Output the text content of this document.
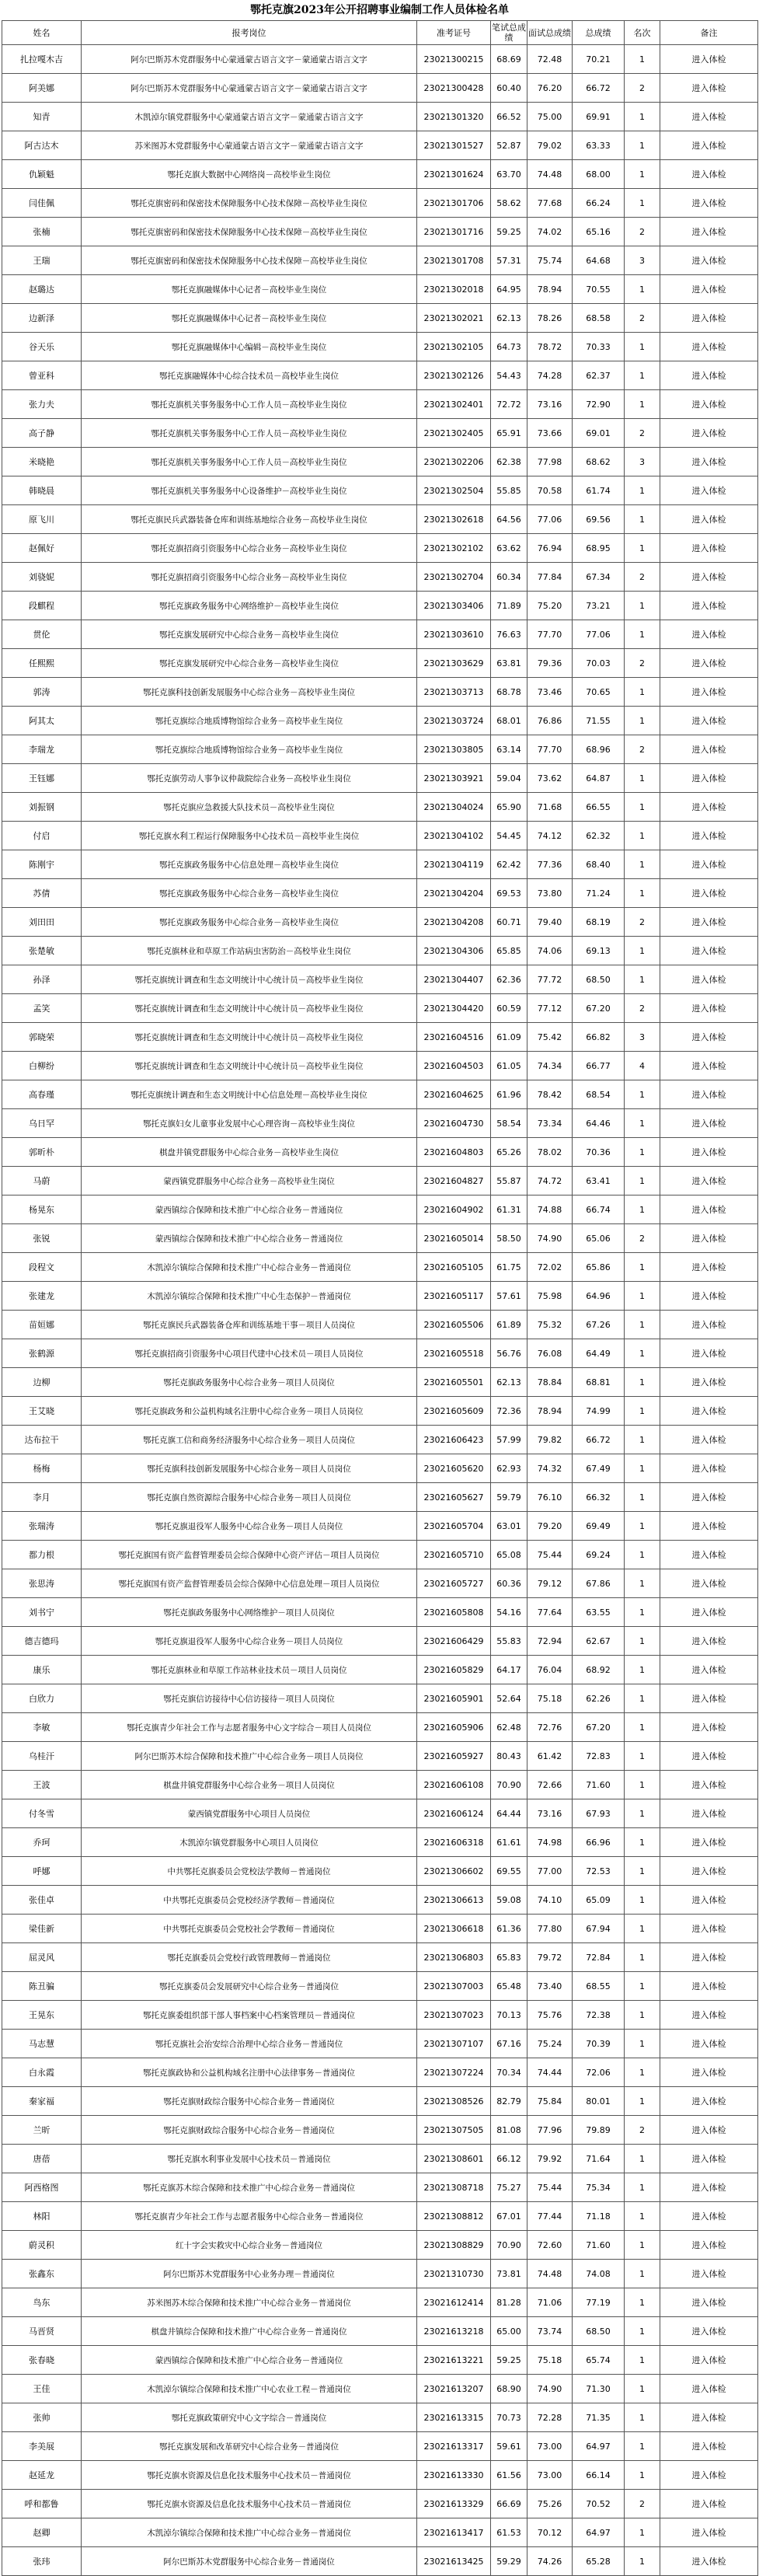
鄂托克旗2023年公开招聘事业编制工作人员体检名单
姓名	报考岗位	准考证号	笔试总成绩	面试总成绩	总成绩	名次	备注
扎拉嘎木吉	阿尔巴斯苏木党群服务中心蒙通蒙古语言文字－蒙通蒙古语言文字	23021300215	68.69	72.48	70.21	1	进入体检
阿美娜	阿尔巴斯苏木党群服务中心蒙通蒙古语言文字－蒙通蒙古语言文字	23021300428	60.40	76.20	66.72	2	进入体检
知青	木凯淖尔镇党群服务中心蒙通蒙古语言文字－蒙通蒙古语言文字	23021301320	66.52	75.00	69.91	1	进入体检
阿古达木	苏米图苏木党群服务中心蒙通蒙古语言文字－蒙通蒙古语言文字	23021301527	52.87	79.02	63.33	1	进入体检
仇颖魁	鄂托克旗大数据中心网络岗－高校毕业生岗位	23021301624	63.70	74.48	68.00	1	进入体检
闫佳佩	鄂托克旗密码和保密技术保障服务中心技术保障－高校毕业生岗位	23021301706	58.62	77.68	66.24	1	进入体检
张楠	鄂托克旗密码和保密技术保障服务中心技术保障－高校毕业生岗位	23021301716	59.25	74.02	65.16	2	进入体检
王瑞	鄂托克旗密码和保密技术保障服务中心技术保障－高校毕业生岗位	23021301708	57.31	75.74	64.68	3	进入体检
赵璐达	鄂托克旗融媒体中心记者－高校毕业生岗位	23021302018	64.95	78.94	70.55	1	进入体检
边新泽	鄂托克旗融媒体中心记者－高校毕业生岗位	23021302021	62.13	78.26	68.58	2	进入体检
谷天乐	鄂托克旗融媒体中心编辑－高校毕业生岗位	23021302105	64.73	78.72	70.33	1	进入体检
曾亚科	鄂托克旗融媒体中心综合技术员－高校毕业生岗位	23021302126	54.43	74.28	62.37	1	进入体检
张力夫	鄂托克旗机关事务服务中心工作人员－高校毕业生岗位	23021302401	72.72	73.16	72.90	1	进入体检
高子静	鄂托克旗机关事务服务中心工作人员－高校毕业生岗位	23021302405	65.91	73.66	69.01	2	进入体检
米晓艳	鄂托克旗机关事务服务中心工作人员－高校毕业生岗位	23021302206	62.38	77.98	68.62	3	进入体检
韩晓晨	鄂托克旗机关事务服务中心设备维护－高校毕业生岗位	23021302504	55.85	70.58	61.74	1	进入体检
原飞川	鄂托克旗民兵武器装备仓库和训练基地综合业务－高校毕业生岗位	23021302618	64.56	77.06	69.56	1	进入体检
赵佩好	鄂托克旗招商引资服务中心综合业务－高校毕业生岗位	23021302102	63.62	76.94	68.95	1	进入体检
刘骁妮	鄂托克旗招商引资服务中心综合业务－高校毕业生岗位	23021302704	60.34	77.84	67.34	2	进入体检
段麒程	鄂托克旗政务服务中心网络维护－高校毕业生岗位	23021303406	71.89	75.20	73.21	1	进入体检
贯伦	鄂托克旗发展研究中心综合业务－高校毕业生岗位	23021303610	76.63	77.70	77.06	1	进入体检
任熙熙	鄂托克旗发展研究中心综合业务－高校毕业生岗位	23021303629	63.81	79.36	70.03	2	进入体检
郭涛	鄂托克旗科技创新发展服务中心综合业务－高校毕业生岗位	23021303713	68.78	73.46	70.65	1	进入体检
阿其太	鄂托克旗综合地质博物馆综合业务－高校毕业生岗位	23021303724	68.01	76.86	71.55	1	进入体检
李瑞龙	鄂托克旗综合地质博物馆综合业务－高校毕业生岗位	23021303805	63.14	77.70	68.96	2	进入体检
王钰娜	鄂托克旗劳动人事争议仲裁院综合业务－高校毕业生岗位	23021303921	59.04	73.62	64.87	1	进入体检
刘振钢	鄂托克旗应急救援大队技术员－高校毕业生岗位	23021304024	65.90	71.68	66.55	1	进入体检
付启	鄂托克旗水利工程运行保障服务中心技术员－高校毕业生岗位	23021304102	54.45	74.12	62.32	1	进入体检
陈刚宇	鄂托克旗政务服务中心信息处理－高校毕业生岗位	23021304119	62.42	77.36	68.40	1	进入体检
苏倩	鄂托克旗政务服务中心综合业务－高校毕业生岗位	23021304204	69.53	73.80	71.24	1	进入体检
刘田田	鄂托克旗政务服务中心综合业务－高校毕业生岗位	23021304208	60.71	79.40	68.19	2	进入体检
张楚敏	鄂托克旗林业和草原工作站病虫害防治－高校毕业生岗位	23021304306	65.85	74.06	69.13	1	进入体检
孙泽	鄂托克旗统计调查和生态文明统计中心统计员－高校毕业生岗位	23021304407	62.36	77.72	68.50	1	进入体检
孟笑	鄂托克旗统计调查和生态文明统计中心统计员－高校毕业生岗位	23021304420	60.59	77.12	67.20	2	进入体检
郭晓荣	鄂托克旗统计调查和生态文明统计中心统计员－高校毕业生岗位	23021604516	61.09	75.42	66.82	3	进入体检
白柳纷	鄂托克旗统计调查和生态文明统计中心统计员－高校毕业生岗位	23021604503	61.05	74.34	66.77	4	进入体检
高春瑾	鄂托克旗统计调查和生态文明统计中心信息处理－高校毕业生岗位	23021604625	61.96	78.42	68.54	1	进入体检
乌日罕	鄂托克旗妇女儿童事业发展中心心理咨询－高校毕业生岗位	23021604730	58.54	73.34	64.46	1	进入体检
郭昕朴	棋盘井镇党群服务中心综合业务－高校毕业生岗位	23021604803	65.26	78.02	70.36	1	进入体检
马蔚	蒙西镇党群服务中心综合业务－高校毕业生岗位	23021604827	55.87	74.72	63.41	1	进入体检
杨晃东	蒙西镇综合保障和技术推广中心综合业务－普通岗位	23021604902	61.31	74.88	66.74	1	进入体检
张锐	蒙西镇综合保障和技术推广中心综合业务－普通岗位	23021605014	58.50	74.90	65.06	2	进入体检
段程文	木凯淖尔镇综合保障和技术推广中心综合业务－普通岗位	23021605105	61.75	72.02	65.86	1	进入体检
张建龙	木凯淖尔镇综合保障和技术推广中心生态保护－普通岗位	23021605117	57.61	75.98	64.96	1	进入体检
苗姮娜	鄂托克旗民兵武器装备仓库和训练基地干事－项目人员岗位	23021605506	61.89	75.32	67.26	1	进入体检
张鹤源	鄂托克旗招商引资服务中心项目代建中心技术员－项目人员岗位	23021605518	56.76	76.08	64.49	1	进入体检
边柳	鄂托克旗政务服务中心综合业务－项目人员岗位	23021605501	62.13	78.84	68.81	1	进入体检
王艾晓	鄂托克旗政务和公益机构域名注册中心综合业务－项目人员岗位	23021605609	72.36	78.94	74.99	1	进入体检
达布拉干	鄂托克旗工信和商务经济服务中心综合业务－项目人员岗位	23021606423	57.99	79.82	66.72	1	进入体检
杨梅	鄂托克旗科技创新发展服务中心综合业务－项目人员岗位	23021605620	62.93	74.32	67.49	1	进入体检
李月	鄂托克旗自然资源综合服务中心综合业务－项目人员岗位	23021605627	59.79	76.10	66.32	1	进入体检
张瑞涛	鄂托克旗退役军人服务中心综合业务－项目人员岗位	23021605704	63.01	79.20	69.49	1	进入体检
都力根	鄂托克旗国有资产监督管理委员会综合保障中心资产评估－项目人员岗位	23021605710	65.08	75.44	69.24	1	进入体检
张思涛	鄂托克旗国有资产监督管理委员会综合保障中心信息处理－项目人员岗位	23021605727	60.36	79.12	67.86	1	进入体检
刘书宁	鄂托克旗政务服务中心网络维护－项目人员岗位	23021605808	54.16	77.64	63.55	1	进入体检
德吉德玛	鄂托克旗退役军人服务中心综合业务－项目人员岗位	23021606429	55.83	72.94	62.67	1	进入体检
康乐	鄂托克旗林业和草原工作站林业技术员－项目人员岗位	23021605829	64.17	76.04	68.92	1	进入体检
白欣力	鄂托克旗信访接待中心信访接待－项目人员岗位	23021605901	52.64	75.18	62.26	1	进入体检
李敏	鄂托克旗青少年社会工作与志愿者服务中心文字综合－项目人员岗位	23021605906	62.48	72.76	67.20	1	进入体检
乌桂汗	阿尔巴斯苏木综合保障和技术推广中心综合业务－项目人员岗位	23021605927	80.43	61.42	72.83	1	进入体检
王波	棋盘井镇党群服务中心综合业务－项目人员岗位	23021606108	70.90	72.66	71.60	1	进入体检
付冬雪	蒙西镇党群服务中心项目人员岗位	23021606124	64.44	73.16	67.93	1	进入体检
乔珂	木凯淖尔镇党群服务中心项目人员岗位	23021606318	61.61	74.98	66.96	1	进入体检
呼娜	中共鄂托克旗委员会党校法学教师－普通岗位	23021306602	69.55	77.00	72.53	1	进入体检
张佳卓	中共鄂托克旗委员会党校经济学教师－普通岗位	23021306613	59.08	74.10	65.09	1	进入体检
梁佳新	中共鄂托克旗委员会党校社会学教师－普通岗位	23021306618	61.36	77.80	67.94	1	进入体检
屈灵风	鄂托克旗委员会党校行政管理教师－普通岗位	23021306803	65.83	79.72	72.84	1	进入体检
陈丑骗	鄂托克旗委员会发展研究中心综合业务－普通岗位	23021307003	65.48	73.40	68.55	1	进入体检
王晃东	鄂托克旗委组织部干部人事档案中心档案管理员－普通岗位	23021307023	70.13	75.76	72.38	1	进入体检
马志慧	鄂托克旗社会治安综合治理中心综合业务－普通岗位	23021307107	67.16	75.24	70.39	1	进入体检
白永霞	鄂托克旗政协和公益机构域名注册中心法律事务－普通岗位	23021307224	70.34	74.44	72.06	1	进入体检
秦家福	鄂托克旗财政综合服务中心综合业务－普通岗位	23021308526	82.79	75.84	80.01	1	进入体检
兰昕	鄂托克旗财政综合服务中心综合业务－普通岗位	23021307505	81.08	77.96	79.89	2	进入体检
唐蓓	鄂托克旗水利事业发展中心技术员－普通岗位	23021308601	66.12	79.92	71.64	1	进入体检
阿西格图	鄂托克旗苏木综合保障和技术推广中心综合业务－普通岗位	23021308718	75.27	75.44	75.34	1	进入体检
林阳	鄂托克旗青少年社会工作与志愿者服务中心综合业务－普通岗位	23021308812	67.01	77.44	71.18	1	进入体检
蔚灵积	红十字会实救灾中心综合业务－普通岗位	23021308829	70.90	72.60	71.60	1	进入体检
张鑫东	阿尔巴斯苏木党群服务中心业务办理－普通岗位	23021310730	73.81	74.48	74.08	1	进入体检
鸟东	苏米图苏木综合保障和技术推广中心综合业务－普通岗位	23021612414	81.28	71.06	77.19	1	进入体检
马晋贤	棋盘井镇综合保障和技术推广中心综合业务－普通岗位	23021613218	65.00	73.74	68.50	1	进入体检
张春晓	蒙西镇综合保障和技术推广中心综合业务－普通岗位	23021613221	59.25	75.18	65.74	1	进入体检
王佳	木凯淖尔镇综合保障和技术推广中心农业工程－普通岗位	23021613207	68.90	74.90	71.30	1	进入体检
张帅	鄂托克旗政策研究中心文字综合－普通岗位	23021613315	70.73	72.28	71.35	1	进入体检
李美展	鄂托克旗发展和改革研究中心综合业务－普通岗位	23021613317	59.61	73.00	64.97	1	进入体检
赵延龙	鄂托克旗水资源及信息化技术服务中心技术员－普通岗位	23021613330	61.56	73.00	66.14	1	进入体检
呼和都鲁	鄂托克旗水资源及信息化技术服务中心技术员－普通岗位	23021613329	66.69	75.26	70.52	2	进入体检
赵卿	木凯淖尔镇综合保障和技术推广中心综合业务－普通岗位	23021613417	61.53	70.12	64.97	1	进入体检
张玮	阿尔巴斯苏木党群服务中心综合业务－普通岗位	23021613425	59.29	74.26	65.28	1	进入体检
